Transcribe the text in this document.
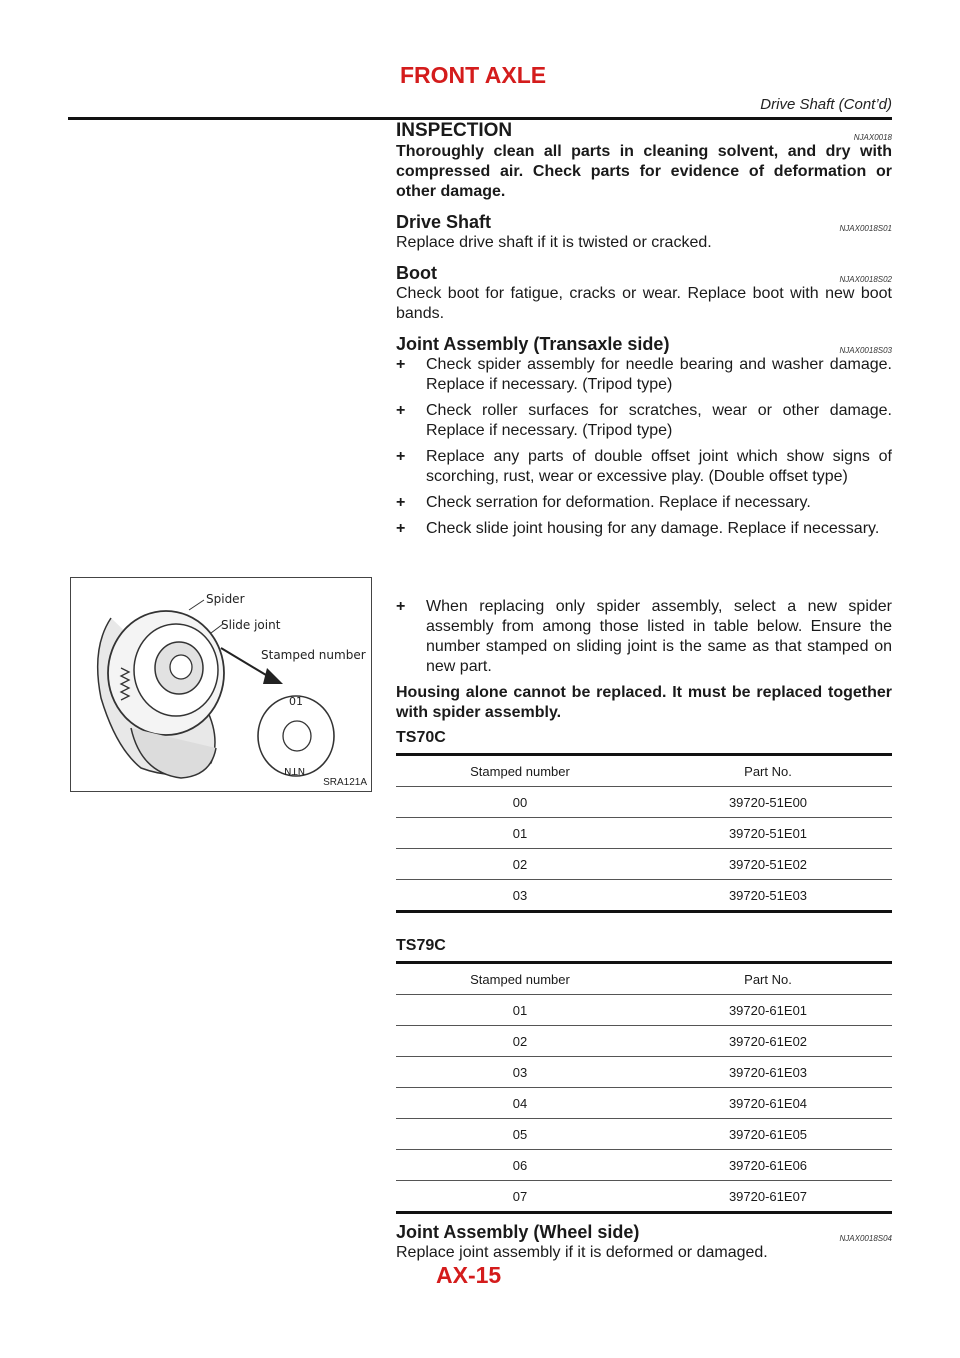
FRONT AXLE
Drive Shaft (Cont’d)
INSPECTION	NJAX0018

Thoroughly clean all parts in cleaning solvent, and dry with compressed air. Check parts for evidence of deformation or other damage.

Drive Shaft	NJAX0018S01

Replace drive shaft if it is twisted or cracked.

Boot	NJAX0018S02

Check boot for fatigue, cracks or wear. Replace boot with new boot bands.

Joint Assembly (Transaxle side)	NJAX0018S03
+ Check spider assembly for needle bearing and washer damage. Replace if necessary. (Tripod type)
+ Check roller surfaces for scratches, wear or other damage. Replace if necessary. (Tripod type)
+ Replace any parts of double offset joint which show signs of scorching, rust, wear or excessive play. (Double offset type)
+ Check serration for deformation. Replace if necessary.
+ Check slide joint housing for any damage. Replace if necessary.
Spider
Slide joint
Stamped number
01
NTN
SRA121A
+ When replacing only spider assembly, select a new spider assembly from among those listed in table below. Ensure the number stamped on sliding joint is the same as that stamped on new part.

Housing alone cannot be replaced. It must be replaced together with spider assembly.

TS70C
Stamped number	Part No.
00	39720-51E00
01	39720-51E01
02	39720-51E02
03	39720-51E03
TS79C
Stamped number	Part No.
01	39720-61E01
02	39720-61E02
03	39720-61E03
04	39720-61E04
05	39720-61E05
06	39720-61E06
07	39720-61E07
Joint Assembly (Wheel side)	NJAX0018S04

Replace joint assembly if it is deformed or damaged.

AX-15
